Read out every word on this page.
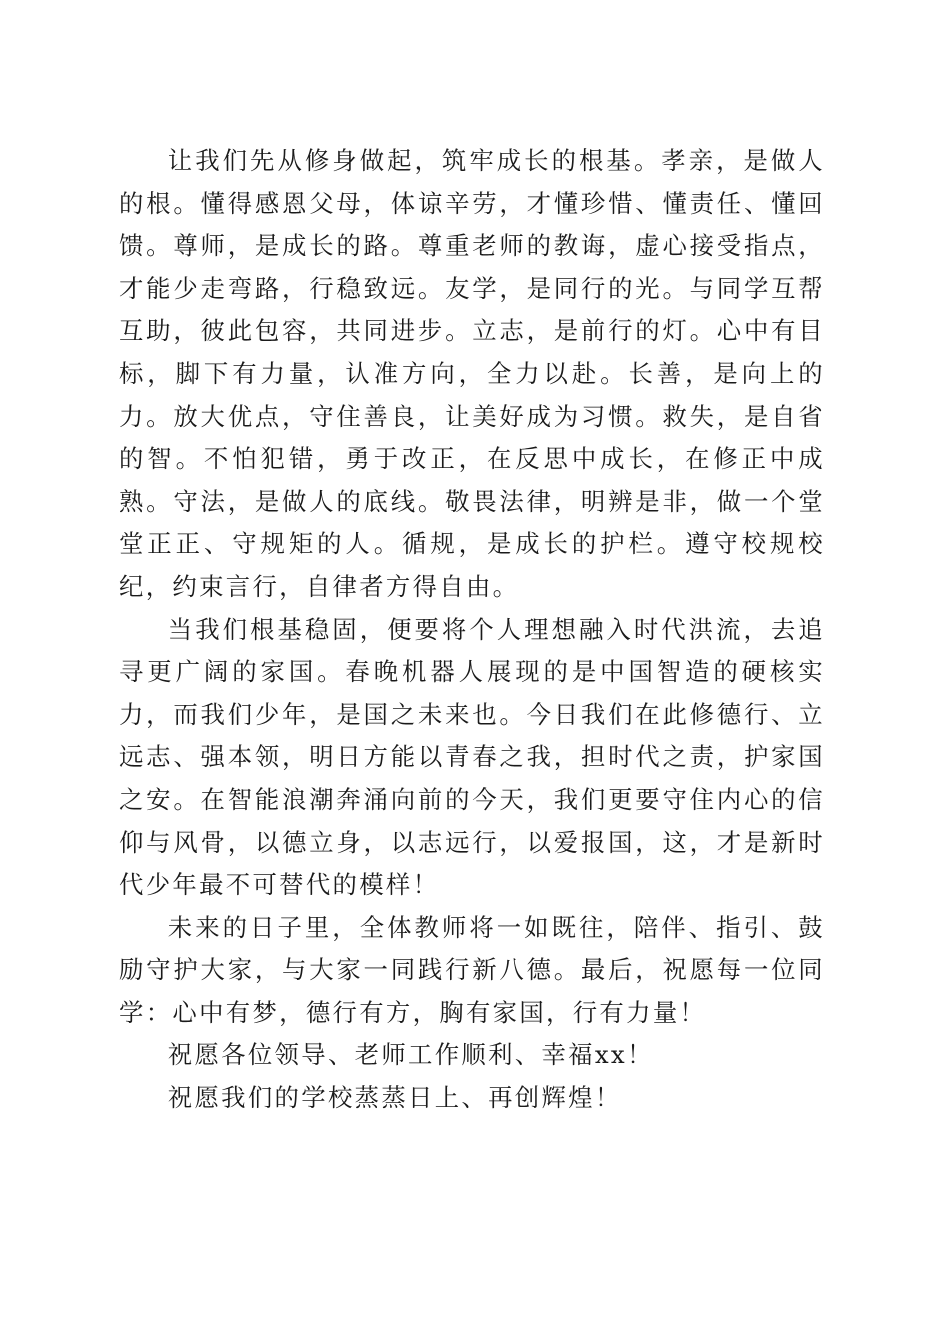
让我们先从修身做起，筑牢成长的根基。孝亲，是做人的根。懂得感恩父母，体谅辛劳，才懂珍惜、懂责任、懂回馈。尊师，是成长的路。尊重老师的教诲，虚心接受指点，才能少走弯路，行稳致远。友学，是同行的光。与同学互帮互助，彼此包容，共同进步。立志，是前行的灯。心中有目标，脚下有力量，认准方向，全力以赴。长善，是向上的力。放大优点，守住善良，让美好成为习惯。救失，是自省的智。不怕犯错，勇于改正，在反思中成长，在修正中成熟。守法，是做人的底线。敬畏法律，明辨是非，做一个堂堂正正、守规矩的人。循规，是成长的护栏。遵守校规校纪，约束言行，自律者方得自由。

当我们根基稳固，便要将个人理想融入时代洪流，去追寻更广阔的家国。春晚机器人展现的是中国智造的硬核实力，而我们少年，是国之未来也。今日我们在此修德行、立远志、强本领，明日方能以青春之我，担时代之责，护家国之安。在智能浪潮奔涌向前的今天，我们更要守住内心的信仰与风骨，以德立身，以志远行，以爱报国，这，才是新时代少年最不可替代的模样！

未来的日子里，全体教师将一如既往，陪伴、指引、鼓励守护大家，与大家一同践行新八德。最后，祝愿每一位同学：心中有梦，德行有方，胸有家国，行有力量！

祝愿各位领导、老师工作顺利、幸福xx！

祝愿我们的学校蒸蒸日上、再创辉煌！
